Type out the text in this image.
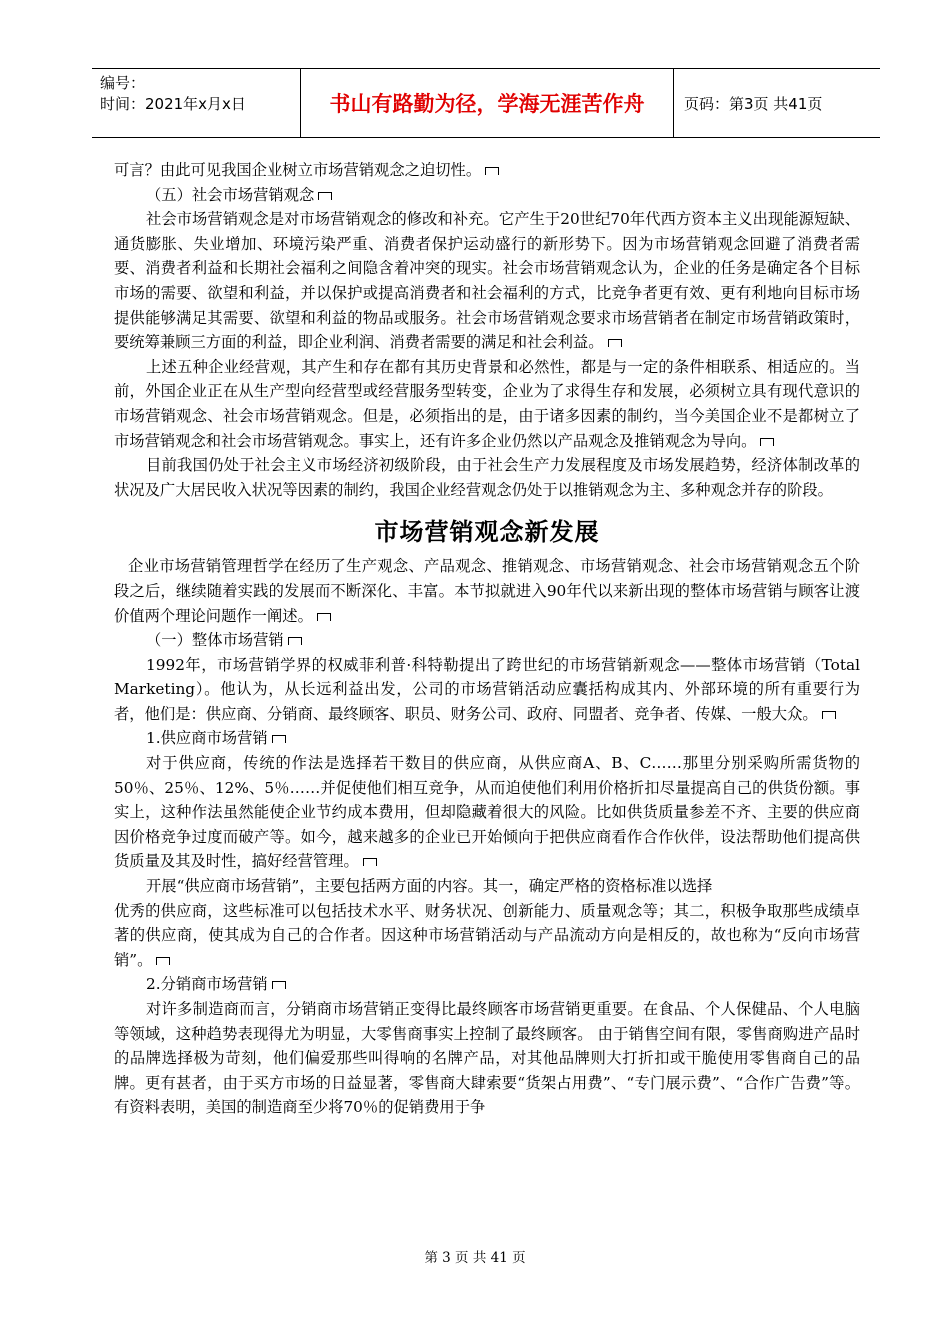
编号：
时间：2021年x月x日	书山有路勤为径，学海无涯苦作舟	页码：第3页 共41页

可言？由此可见我国企业树立市场营销观念之迫切性。

（五）社会市场营销观念

社会市场营销观念是对市场营销观念的修改和补充。它产生于20世纪70年代西方资本主义出现能源短缺、通货膨胀、失业增加、环境污染严重、消费者保护运动盛行的新形势下。因为市场营销观念回避了消费者需要、消费者利益和长期社会福利之间隐含着冲突的现实。社会市场营销观念认为，企业的任务是确定各个目标市场的需要、欲望和利益，并以保护或提高消费者和社会福利的方式，比竞争者更有效、更有利地向目标市场提供能够满足其需要、欲望和利益的物品或服务。社会市场营销观念要求市场营销者在制定市场营销政策时，要统筹兼顾三方面的利益，即企业利润、消费者需要的满足和社会利益。

上述五种企业经营观，其产生和存在都有其历史背景和必然性，都是与一定的条件相联系、相适应的。当前，外国企业正在从生产型向经营型或经营服务型转变，企业为了求得生存和发展，必须树立具有现代意识的市场营销观念、社会市场营销观念。但是，必须指出的是，由于诸多因素的制约，当今美国企业不是都树立了市场营销观念和社会市场营销观念。事实上，还有许多企业仍然以产品观念及推销观念为导向。

目前我国仍处于社会主义市场经济初级阶段，由于社会生产力发展程度及市场发展趋势，经济体制改革的状况及广大居民收入状况等因素的制约，我国企业经营观念仍处于以推销观念为主、多种观念并存的阶段。

市场营销观念新发展

企业市场营销管理哲学在经历了生产观念、产品观念、推销观念、市场营销观念、社会市场营销观念五个阶段之后，继续随着实践的发展而不断深化、丰富。本节拟就进入90年代以来新出现的整体市场营销与顾客让渡价值两个理论问题作一阐述。

（一）整体市场营销

1992年，市场营销学界的权威菲利普·科特勒提出了跨世纪的市场营销新观念——整体市场营销（Total Marketing）。他认为，从长远利益出发，公司的市场营销活动应囊括构成其内、外部环境的所有重要行为者，他们是：供应商、分销商、最终顾客、职员、财务公司、政府、同盟者、竞争者、传媒、一般大众。

1.供应商市场营销

对于供应商，传统的作法是选择若干数目的供应商，从供应商A、B、C……那里分别采购所需货物的50％、25％、12%、5％……并促使他们相互竞争，从而迫使他们利用价格折扣尽量提高自己的供货份额。事实上，这种作法虽然能使企业节约成本费用，但却隐藏着很大的风险。比如供货质量参差不齐、主要的供应商因价格竞争过度而破产等。如今，越来越多的企业已开始倾向于把供应商看作合作伙伴，设法帮助他们提高供货质量及其及时性，搞好经营管理。

开展“供应商市场营销”，主要包括两方面的内容。其一，确定严格的资格标准以选择

优秀的供应商，这些标准可以包括技术水平、财务状况、创新能力、质量观念等；其二，积极争取那些成绩卓著的供应商，使其成为自己的合作者。因这种市场营销活动与产品流动方向是相反的，故也称为“反向市场营销”。

2.分销商市场营销

对许多制造商而言，分销商市场营销正变得比最终顾客市场营销更重要。在食品、个人保健品、个人电脑等领域，这种趋势表现得尤为明显，大零售商事实上控制了最终顾客。 由于销售空间有限，零售商购进产品时的品牌选择极为苛刻，他们偏爱那些叫得响的名牌产品，对其他品牌则大打折扣或干脆使用零售商自己的品牌。更有甚者，由于买方市场的日益显著，零售商大肆索要“货架占用费”、“专门展示费”、“合作广告费”等。有资料表明，美国的制造商至少将70％的促销费用于争

第 3 页 共 41 页
